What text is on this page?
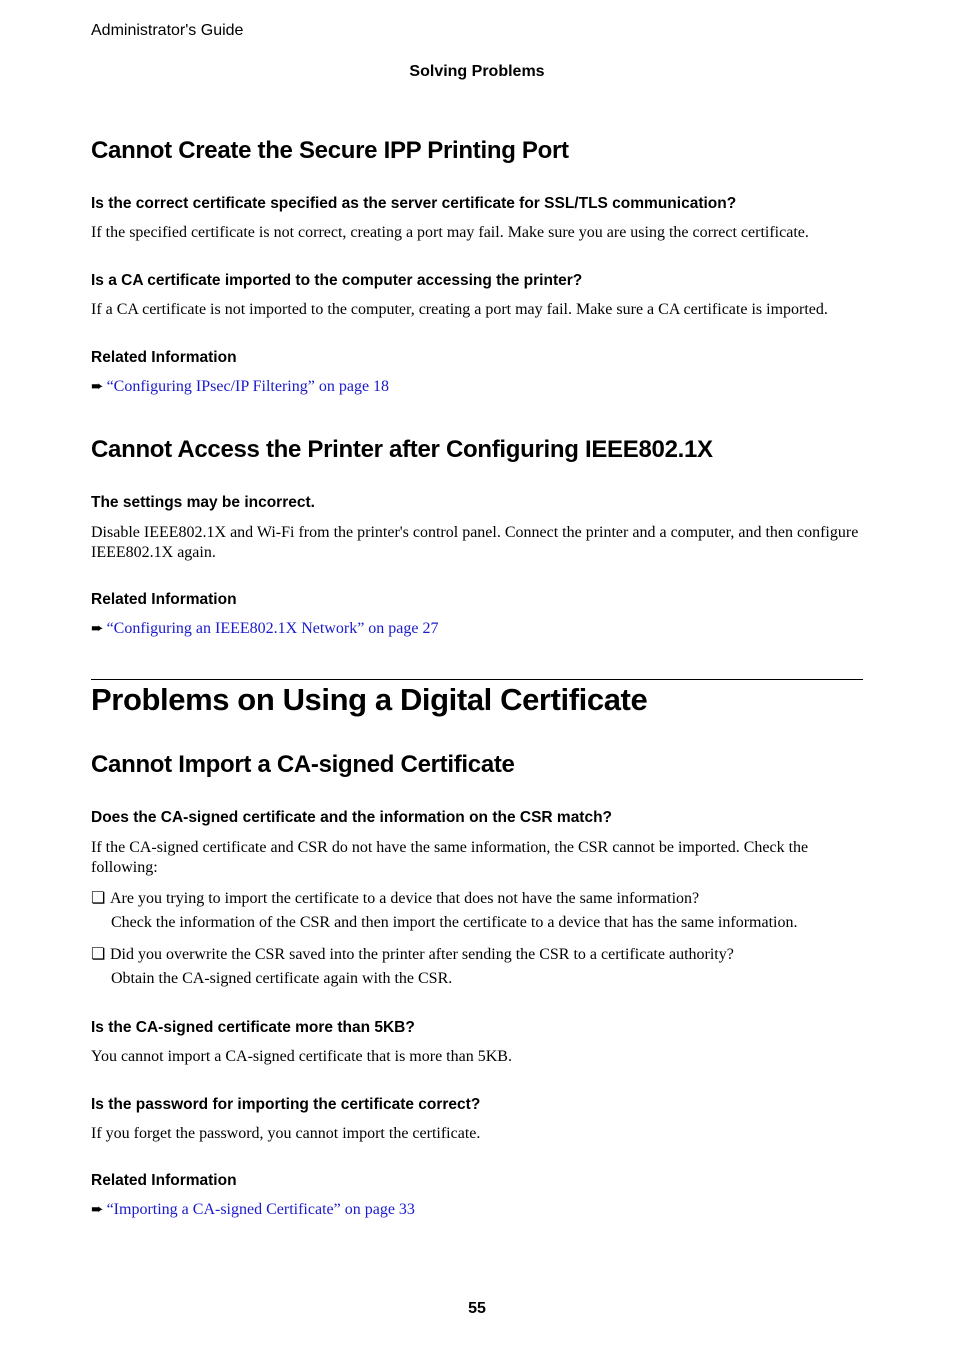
Administrator's Guide
Solving Problems
Cannot Create the Secure IPP Printing Port
Is the correct certificate specified as the server certificate for SSL/TLS communication?
If the specified certificate is not correct, creating a port may fail. Make sure you are using the correct certificate.
Is a CA certificate imported to the computer accessing the printer?
If a CA certificate is not imported to the computer, creating a port may fail. Make sure a CA certificate is imported.
Related Information
➨ “Configuring IPsec/IP Filtering” on page 18
Cannot Access the Printer after Configuring IEEE802.1X
The settings may be incorrect.
Disable IEEE802.1X and Wi-Fi from the printer's control panel. Connect the printer and a computer, and then configure IEEE802.1X again.
Related Information
➨ “Configuring an IEEE802.1X Network” on page 27
Problems on Using a Digital Certificate
Cannot Import a CA-signed Certificate
Does the CA-signed certificate and the information on the CSR match?
If the CA-signed certificate and CSR do not have the same information, the CSR cannot be imported. Check the following:
❏ Are you trying to import the certificate to a device that does not have the same information?
Check the information of the CSR and then import the certificate to a device that has the same information.
❏ Did you overwrite the CSR saved into the printer after sending the CSR to a certificate authority?
Obtain the CA-signed certificate again with the CSR.
Is the CA-signed certificate more than 5KB?
You cannot import a CA-signed certificate that is more than 5KB.
Is the password for importing the certificate correct?
If you forget the password, you cannot import the certificate.
Related Information
➨ “Importing a CA-signed Certificate” on page 33
55
